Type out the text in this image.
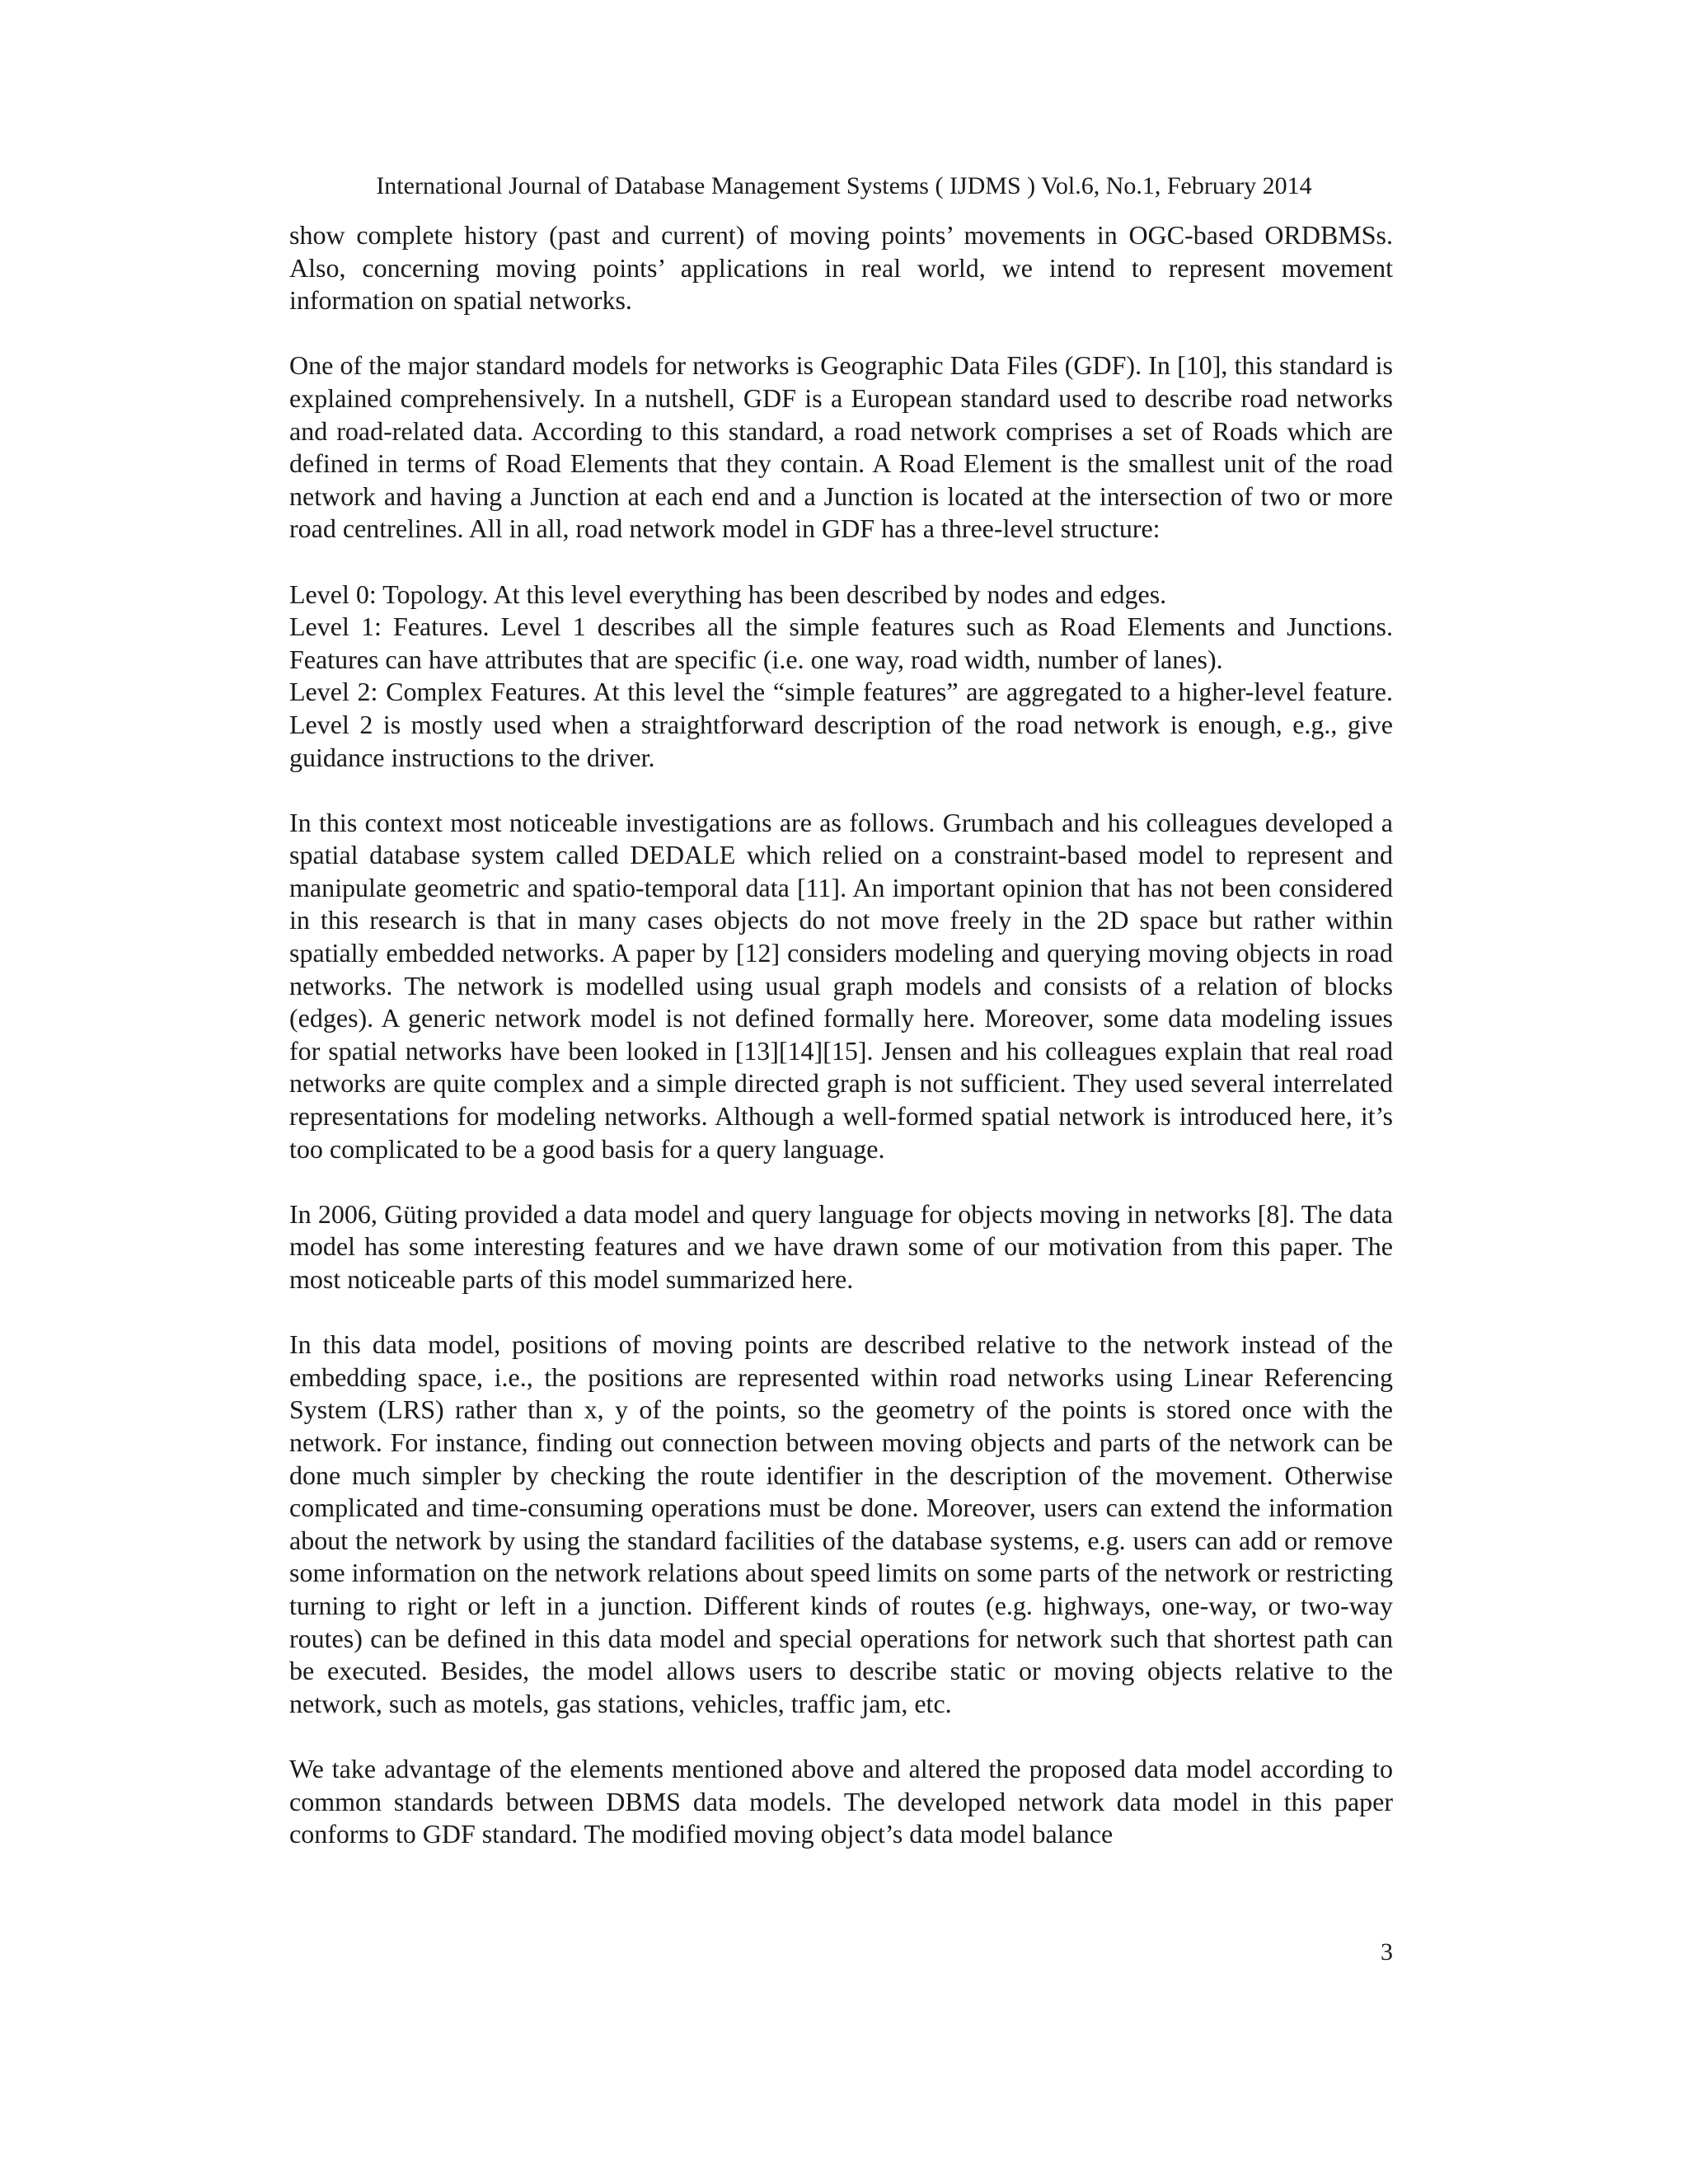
International Journal of Database Management Systems ( IJDMS ) Vol.6, No.1, February 2014

show complete history (past and current) of moving points’ movements in OGC-based ORDBMSs. Also, concerning moving points’ applications in real world, we intend to represent movement information on spatial networks.

One of the major standard models for networks is Geographic Data Files (GDF). In [10], this standard is explained comprehensively. In a nutshell, GDF is a European standard used to describe road networks and road-related data. According to this standard, a road network comprises a set of Roads which are defined in terms of Road Elements that they contain. A Road Element is the smallest unit of the road network and having a Junction at each end and a Junction is located at the intersection of two or more road centrelines. All in all, road network model in GDF has a three-level structure:

Level 0: Topology. At this level everything has been described by nodes and edges.
Level 1: Features. Level 1 describes all the simple features such as Road Elements and Junctions. Features can have attributes that are specific (i.e. one way, road width, number of lanes).
Level 2: Complex Features. At this level the “simple features” are aggregated to a higher-level feature. Level 2 is mostly used when a straightforward description of the road network is enough, e.g., give guidance instructions to the driver.

In this context most noticeable investigations are as follows. Grumbach and his colleagues developed a spatial database system called DEDALE which relied on a constraint-based model to represent and manipulate geometric and spatio-temporal data [11]. An important opinion that has not been considered in this research is that in many cases objects do not move freely in the 2D space but rather within spatially embedded networks. A paper by [12] considers modeling and querying moving objects in road networks. The network is modelled using usual graph models and consists of a relation of blocks (edges). A generic network model is not defined formally here. Moreover, some data modeling issues for spatial networks have been looked in [13][14][15]. Jensen and his colleagues explain that real road networks are quite complex and a simple directed graph is not sufficient. They used several interrelated representations for modeling networks. Although a well-formed spatial network is introduced here, it’s too complicated to be a good basis for a query language.

In 2006, Güting provided a data model and query language for objects moving in networks [8]. The data model has some interesting features and we have drawn some of our motivation from this paper. The most noticeable parts of this model summarized here.

In this data model, positions of moving points are described relative to the network instead of the embedding space, i.e., the positions are represented within road networks using Linear Referencing System (LRS) rather than x, y of the points, so the geometry of the points is stored once with the network. For instance, finding out connection between moving objects and parts of the network can be done much simpler by checking the route identifier in the description of the movement. Otherwise complicated and time-consuming operations must be done. Moreover, users can extend the information about the network by using the standard facilities of the database systems, e.g. users can add or remove some information on the network relations about speed limits on some parts of the network or restricting turning to right or left in a junction. Different kinds of routes (e.g. highways, one-way, or two-way routes) can be defined in this data model and special operations for network such that shortest path can be executed. Besides, the model allows users to describe static or moving objects relative to the network, such as motels, gas stations, vehicles, traffic jam, etc.

We take advantage of the elements mentioned above and altered the proposed data model according to common standards between DBMS data models. The developed network data model in this paper conforms to GDF standard. The modified moving object’s data model balance

3
